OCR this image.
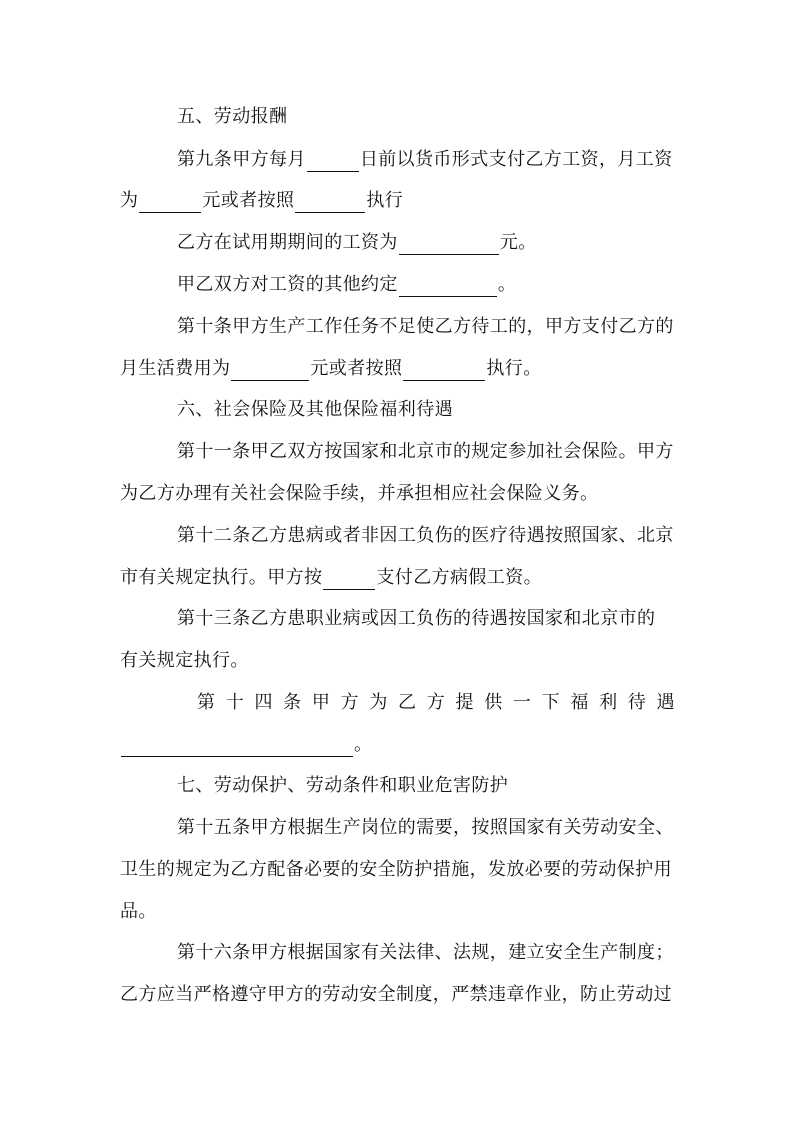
五、劳动报酬
第九条甲方每月	日前以货币形式支付乙方工资，月工资
为	元或者按照	执行
乙方在试用期期间的工资为	元。
甲乙双方对工资的其他约定	。
第十条甲方生产工作任务不足使乙方待工的，甲方支付乙方的
月生活费用为	元或者按照	执行。
六、社会保险及其他保险福利待遇
第十一条甲乙双方按国家和北京市的规定参加社会保险。甲方
为乙方办理有关社会保险手续，并承担相应社会保险义务。
第十二条乙方患病或者非因工负伤的医疗待遇按照国家、北京
市有关规定执行。甲方按	支付乙方病假工资。
第十三条乙方患职业病或因工负伤的待遇按国家和北京市的
有关规定执行。
第 十 四 条 甲 方 为 乙 方 提 供 一 下 福 利 待 遇
。
七、劳动保护、劳动条件和职业危害防护
第十五条甲方根据生产岗位的需要，按照国家有关劳动安全、
卫生的规定为乙方配备必要的安全防护措施，发放必要的劳动保护用
品。
第十六条甲方根据国家有关法律、法规，建立安全生产制度；
乙方应当严格遵守甲方的劳动安全制度，严禁违章作业，防止劳动过
